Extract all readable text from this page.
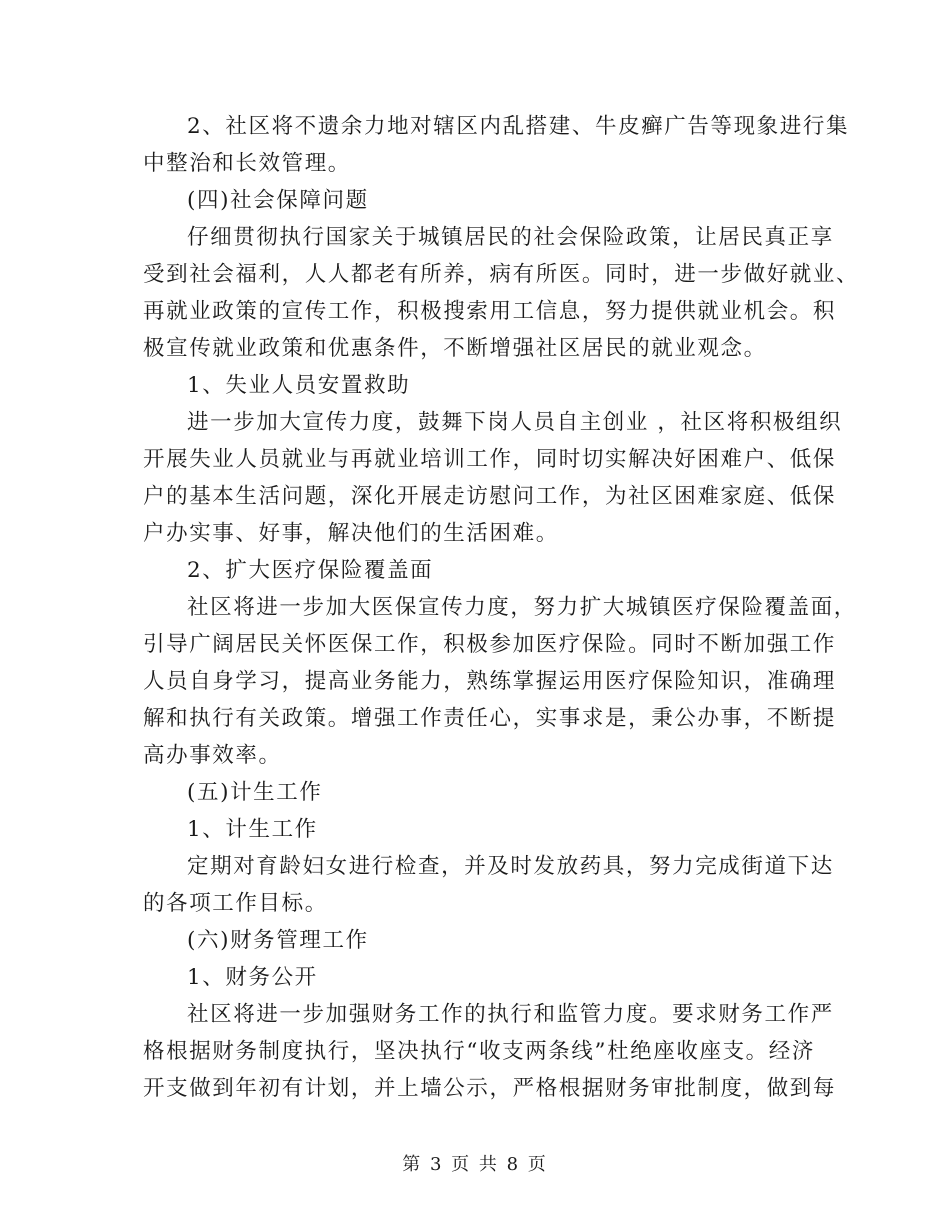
2、社区将不遗余力地对辖区内乱搭建、牛皮癣广告等现象进行集
中整治和长效管理。
(四)社会保障问题
仔细贯彻执行国家关于城镇居民的社会保险政策，让居民真正享
受到社会福利，人人都老有所养，病有所医。同时，进一步做好就业、
再就业政策的宣传工作，积极搜索用工信息，努力提供就业机会。积
极宣传就业政策和优惠条件，不断增强社区居民的就业观念。
1、失业人员安置救助
进一步加大宣传力度，鼓舞下岗人员自主创业 ，社区将积极组织
开展失业人员就业与再就业培训工作，同时切实解决好困难户、低保
户的基本生活问题，深化开展走访慰问工作，为社区困难家庭、低保
户办实事、好事，解决他们的生活困难。
2、扩大医疗保险覆盖面
社区将进一步加大医保宣传力度，努力扩大城镇医疗保险覆盖面，
引导广阔居民关怀医保工作，积极参加医疗保险。同时不断加强工作
人员自身学习，提高业务能力，熟练掌握运用医疗保险知识，准确理
解和执行有关政策。增强工作责任心，实事求是，秉公办事，不断提
高办事效率。
(五)计生工作
1、计生工作
定期对育龄妇女进行检查，并及时发放药具，努力完成街道下达
的各项工作目标。
(六)财务管理工作
1、财务公开
社区将进一步加强财务工作的执行和监管力度。要求财务工作严
格根据财务制度执行，坚决执行“收支两条线”杜绝座收座支。经济
开支做到年初有计划，并上墙公示，严格根据财务审批制度，做到每
第 3 页 共 8 页
